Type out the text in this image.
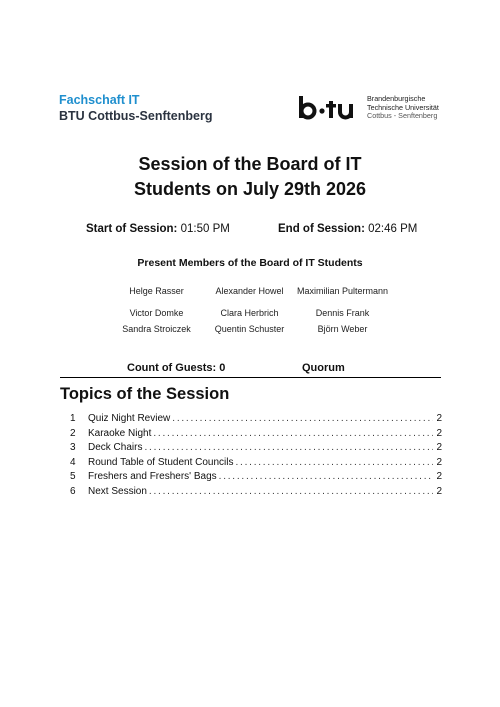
Fachschaft IT
BTU Cottbus-Senftenberg
Brandenburgische
Technische Universität
Cottbus - Senftenberg
Session of the Board of IT
Students on July 29th 2026
Start of Session: 01:50 PM	End of Session: 02:46 PM
Present Members of the Board of IT Students
Helge Rasser	Alexander Howel	Maximilian Pultermann
Victor Domke	Clara Herbrich	Dennis Frank
Sandra Stroiczek	Quentin Schuster	Björn Weber
Count of Guests: 0	Quorum
Topics of the Session
1	Quiz Night Review . . .	2
2	Karaoke Night . . .	2
3	Deck Chairs . . .	2
4	Round Table of Student Councils . . .	2
5	Freshers and Freshers' Bags . . .	2
6	Next Session . . .	2
